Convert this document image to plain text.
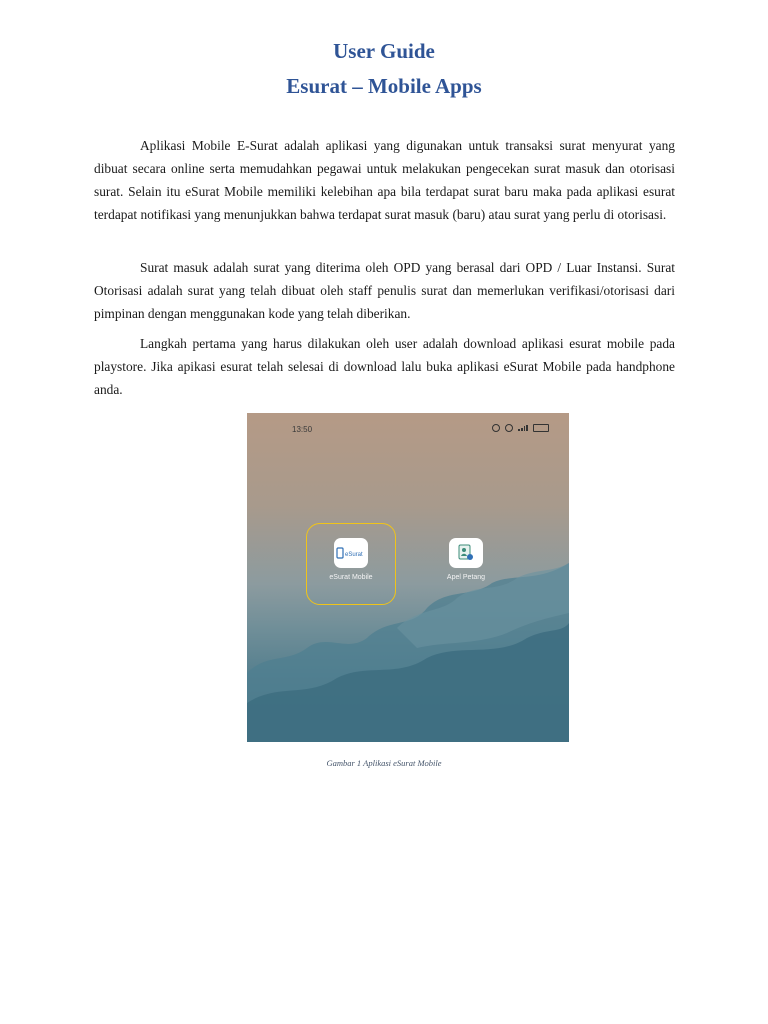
User Guide
Esurat – Mobile Apps

Aplikasi Mobile E-Surat adalah aplikasi yang digunakan untuk transaksi surat menyurat yang dibuat secara online serta memudahkan pegawai untuk melakukan pengecekan surat masuk dan otorisasi surat. Selain itu eSurat Mobile memiliki kelebihan apa bila terdapat surat baru maka pada aplikasi esurat terdapat notifikasi yang menunjukkan bahwa terdapat surat masuk (baru) atau surat yang perlu di otorisasi.

Surat masuk adalah surat yang diterima oleh OPD yang berasal dari OPD / Luar Instansi. Surat Otorisasi adalah surat yang telah dibuat oleh staff penulis surat dan memerlukan verifikasi/otorisasi dari pimpinan dengan menggunakan kode yang telah diberikan.

Langkah pertama yang harus dilakukan oleh user adalah download aplikasi esurat mobile pada playstore. Jika apikasi esurat telah selesai di download lalu buka aplikasi eSurat Mobile pada handphone anda.

13:50
eSurat
eSurat Mobile	Apel Petang
Gambar 1 Aplikasi eSurat Mobile
